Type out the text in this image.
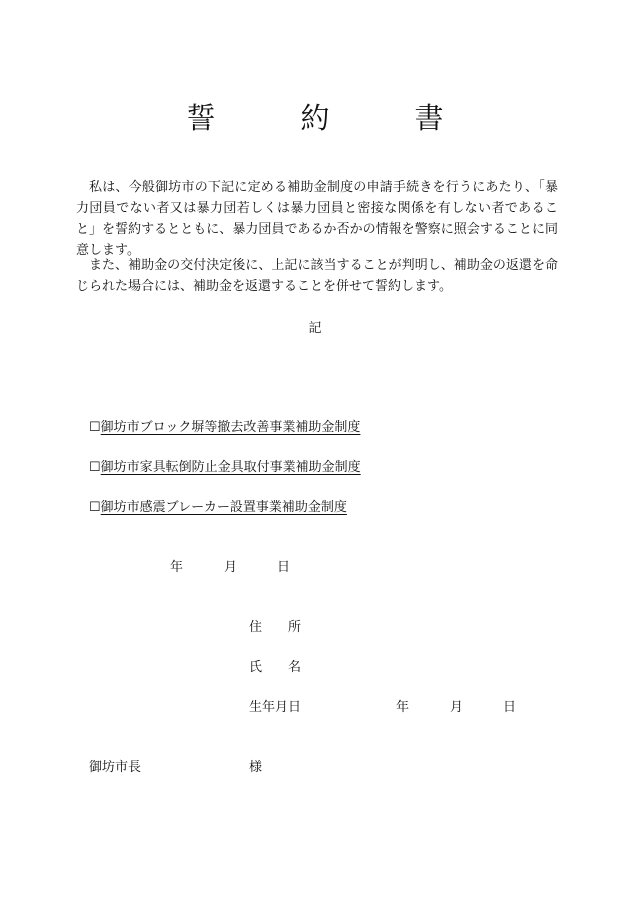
誓　約　書

私は、今般御坊市の下記に定める補助金制度の申請手続きを行うにあたり、「暴力団員でない者又は暴力団若しくは暴力団員と密接な関係を有しない者であること」を誓約するとともに、暴力団員であるか否かの情報を警察に照会することに同意します。

また、補助金の交付決定後に、上記に該当することが判明し、補助金の返還を命じられた場合には、補助金を返還することを併せて誓約します。

記
☐御坊市ブロック塀等撤去改善事業補助金制度
☐御坊市家具転倒防止金具取付事業補助金制度
☐御坊市感震ブレーカー設置事業補助金制度
年	月	日
住　　所
氏　　名
生年月日	年	月	日
御坊市長	様
